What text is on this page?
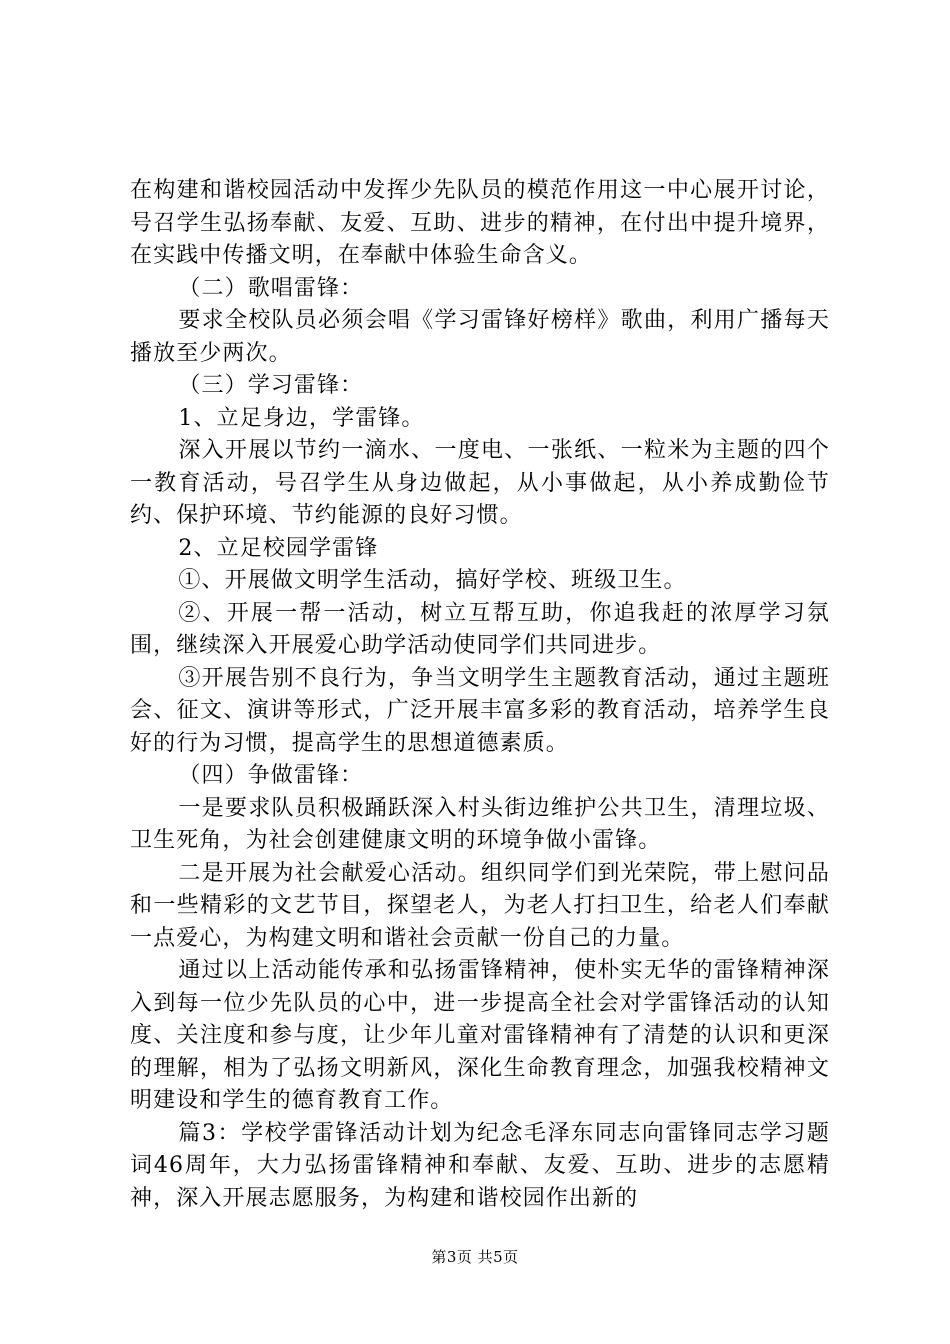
在构建和谐校园活动中发挥少先队员的模范作用这一中心展开讨论，号召学生弘扬奉献、友爱、互助、进步的精神，在付出中提升境界，在实践中传播文明，在奉献中体验生命含义。

（二）歌唱雷锋：

要求全校队员必须会唱《学习雷锋好榜样》歌曲，利用广播每天播放至少两次。

（三）学习雷锋：

1、立足身边，学雷锋。

深入开展以节约一滴水、一度电、一张纸、一粒米为主题的四个一教育活动，号召学生从身边做起，从小事做起，从小养成勤俭节约、保护环境、节约能源的良好习惯。

2、立足校园学雷锋

①、开展做文明学生活动，搞好学校、班级卫生。

②、开展一帮一活动，树立互帮互助，你追我赶的浓厚学习氛围，继续深入开展爱心助学活动使同学们共同进步。

③开展告别不良行为，争当文明学生主题教育活动，通过主题班会、征文、演讲等形式，广泛开展丰富多彩的教育活动，培养学生良好的行为习惯，提高学生的思想道德素质。

（四）争做雷锋：

一是要求队员积极踊跃深入村头街边维护公共卫生，清理垃圾、卫生死角，为社会创建健康文明的环境争做小雷锋。

二是开展为社会献爱心活动。组织同学们到光荣院，带上慰问品和一些精彩的文艺节目，探望老人，为老人打扫卫生，给老人们奉献一点爱心，为构建文明和谐社会贡献一份自己的力量。

通过以上活动能传承和弘扬雷锋精神，使朴实无华的雷锋精神深入到每一位少先队员的心中，进一步提高全社会对学雷锋活动的认知度、关注度和参与度，让少年儿童对雷锋精神有了清楚的认识和更深的理解，相为了弘扬文明新风，深化生命教育理念，加强我校精神文明建设和学生的德育教育工作。

篇3：学校学雷锋活动计划为纪念毛泽东同志向雷锋同志学习题词46周年，大力弘扬雷锋精神和奉献、友爱、互助、进步的志愿精神，深入开展志愿服务，为构建和谐校园作出新的

第3页 共5页
